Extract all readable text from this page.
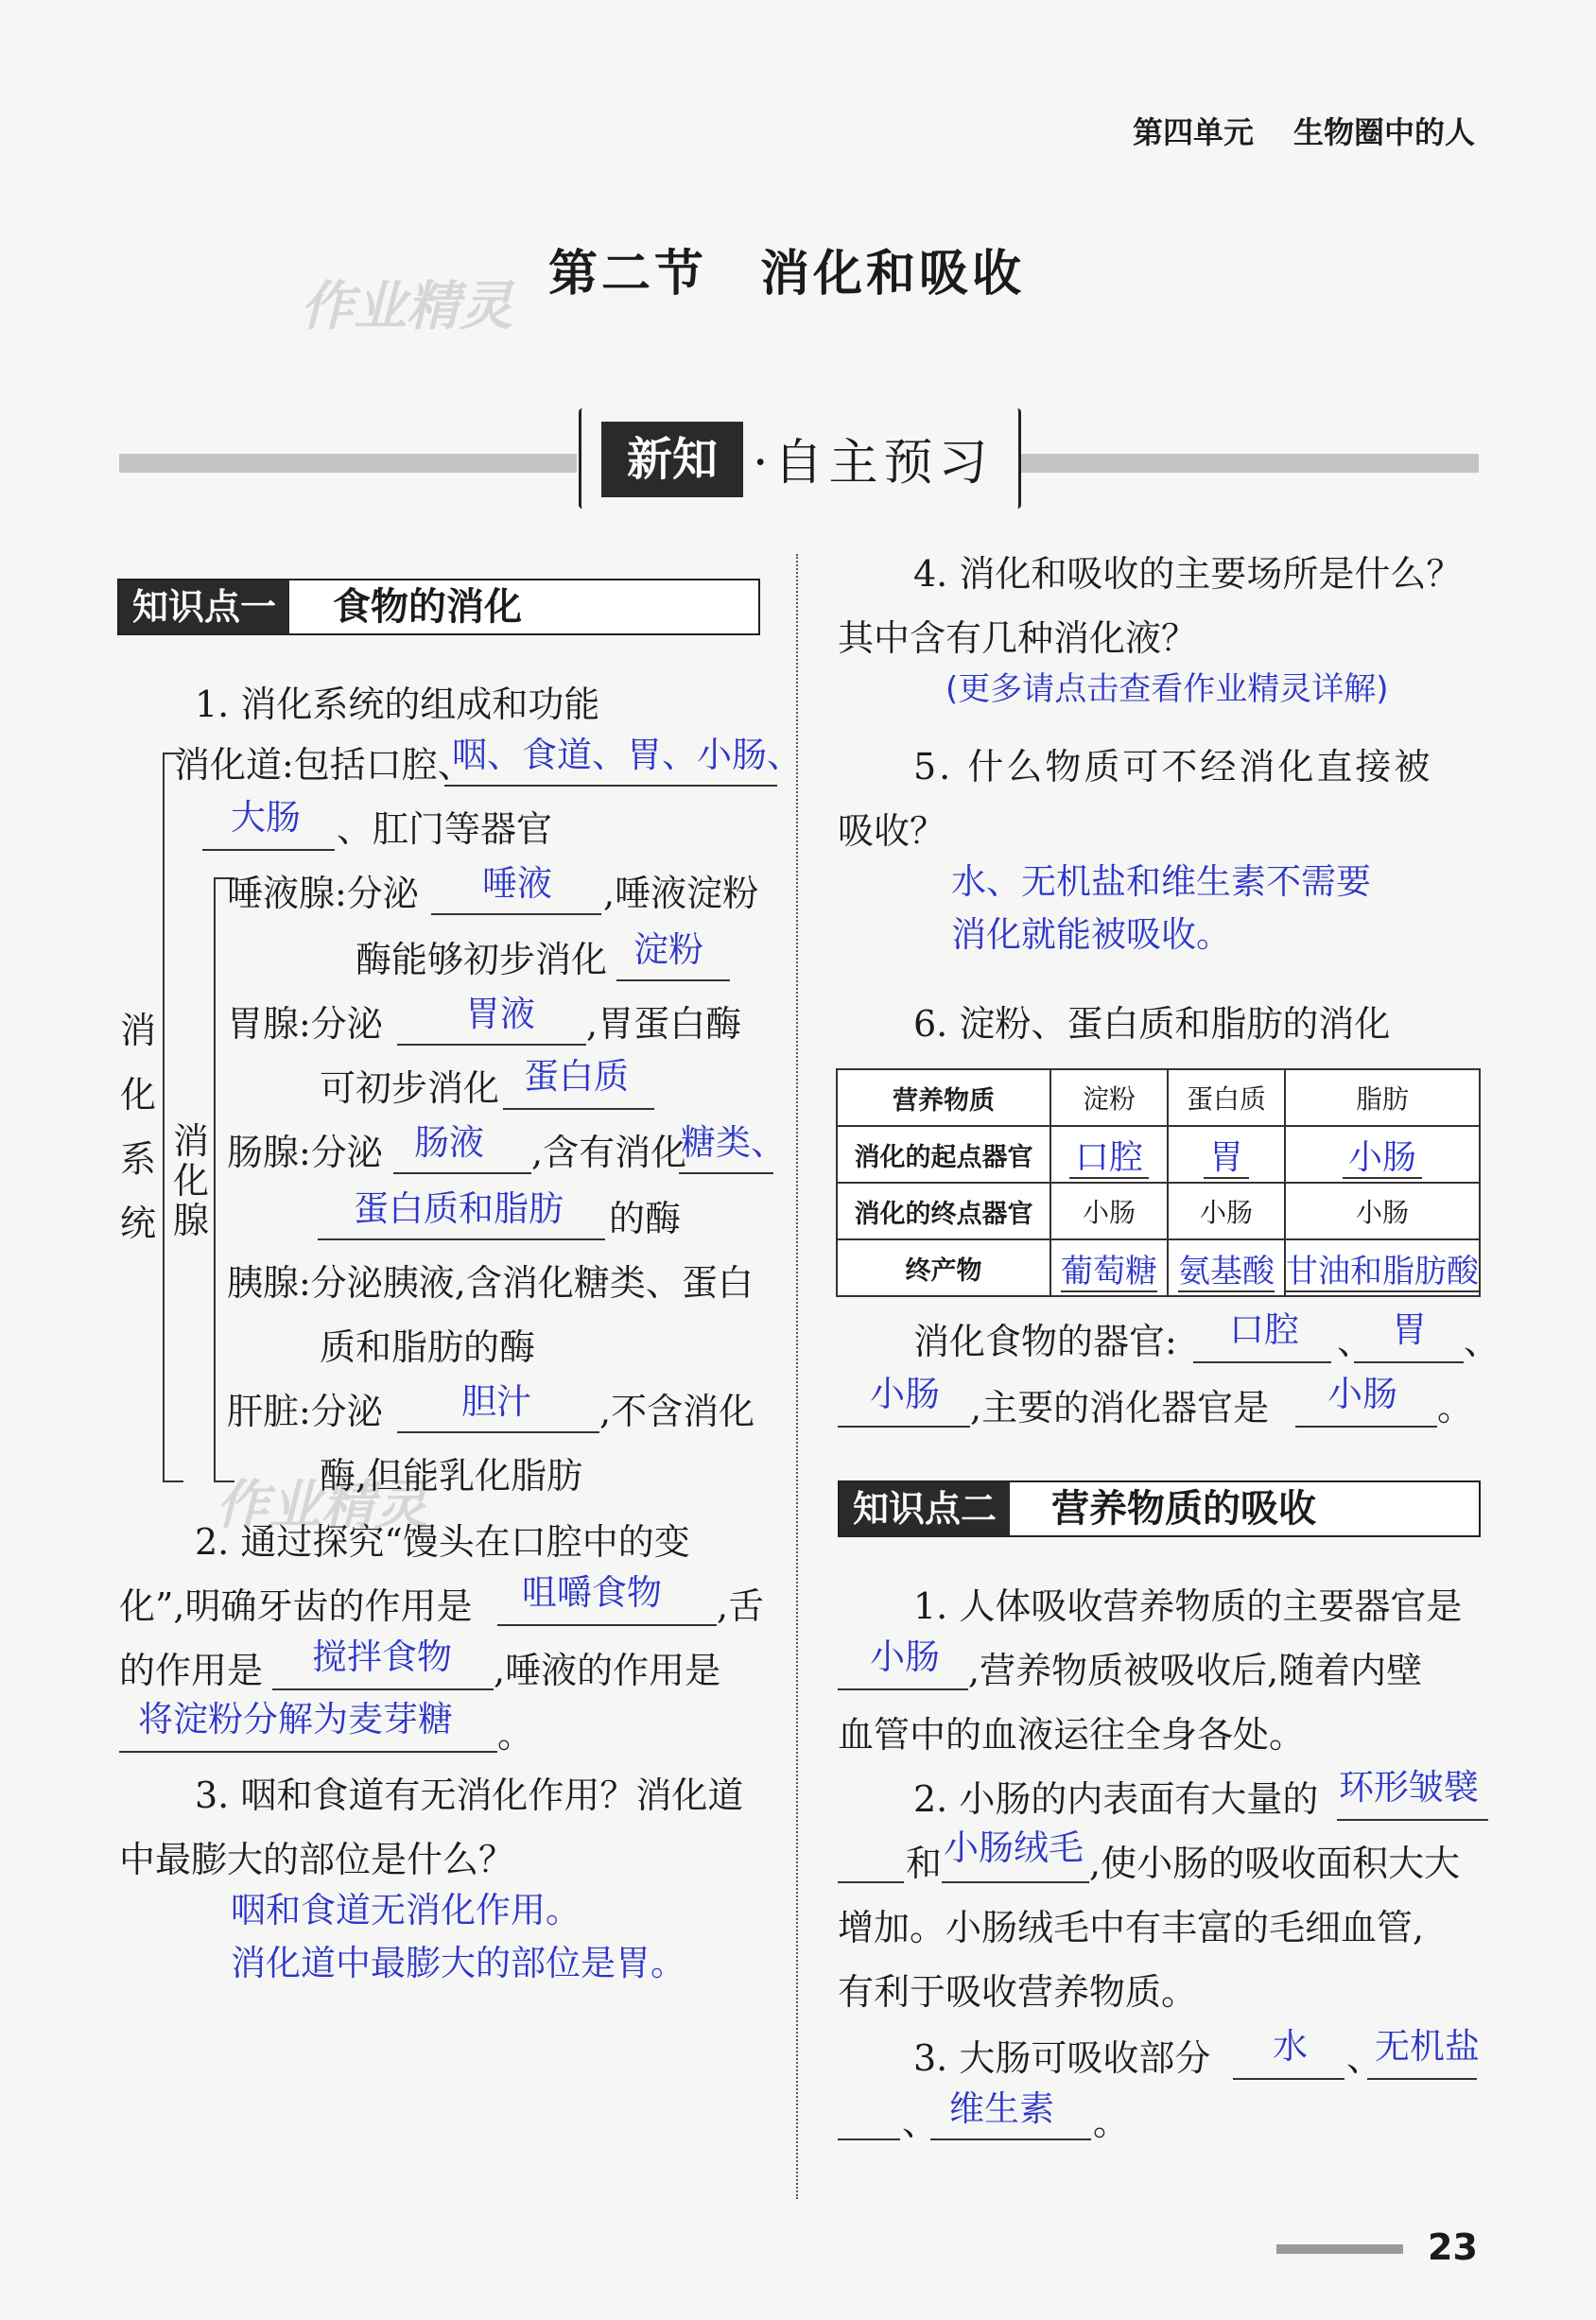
第四单元 生物圈中的人
作业精灵
作业精灵
第二节　消化和吸收
新知 ·自主预习
知识点一	食物的消化
1. 消化系统的组成和功能
消化系统
消化腺
消化道:包括口腔、
咽、食道、胃、小肠、
大肠 、肛门等器官
唾液腺:分泌 唾液 ,唾液淀粉
酶能够初步消化 淀粉
胃腺:分泌 胃液 ,胃蛋白酶
可初步消化 蛋白质
肠腺:分泌 肠液 ,含有消化
糖类、
蛋白质和脂肪 的酶
胰腺:分泌胰液,含消化糖类、蛋白
质和脂肪的酶
肝脏:分泌 胆汁 ,不含消化
酶,但能乳化脂肪
2. 通过探究“馒头在口腔中的变
化”,明确牙齿的作用是 咀嚼食物 ,舌
的作用是 搅拌食物 ,唾液的作用是
将淀粉分解为麦芽糖 。
3. 咽和食道有无消化作用？消化道
中最膨大的部位是什么？
咽和食道无消化作用。
消化道中最膨大的部位是胃。
4. 消化和吸收的主要场所是什么？
其中含有几种消化液？
(更多请点击查看作业精灵详解)
5. 什么物质可不经消化直接被
吸收？
水、无机盐和维生素不需要
消化就能被吸收。
6. 淀粉、蛋白质和脂肪的消化
营养物质	淀粉	蛋白质	脂肪
消化的起点器官	口腔	胃	小肠
消化的终点器官	小肠	小肠	小肠
终产物	葡萄糖	氨基酸	甘油和脂肪酸
消化食物的器官: 口腔 、 胃 、
小肠 ,主要的消化器官是 小肠 。
知识点二	营养物质的吸收
1. 人体吸收营养物质的主要器官是
小肠 ,营养物质被吸收后,随着内壁
血管中的血液运往全身各处。
2. 小肠的内表面有大量的 环形皱襞
和 小肠绒毛 ,使小肠的吸收面积大大
增加。小肠绒毛中有丰富的毛细血管,
有利于吸收营养物质。
3. 大肠可吸收部分 水 、
无机盐
、 维生素 。
23
